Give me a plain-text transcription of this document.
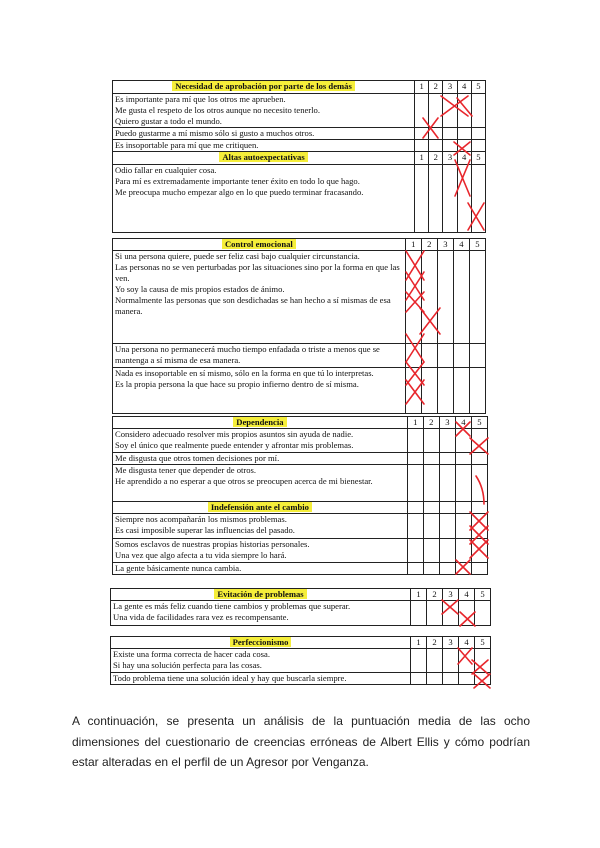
Necesidad de aprobación por parte de los demás	1	2	3	4	5

Es importante para mí que los otros me aprueben.
Me gusta el respeto de los otros aunque no necesito tenerlo.
Quiero gustar a todo el mundo.					

Puedo gustarme a mí mismo sólo si gusto a muchos otros.					

Es insoportable para mí que me critiquen.					

Altas autoexpectativas	1	2	3	4	5

Odio fallar en cualquier cosa.
Para mí es extremadamente importante tener éxito en todo lo que hago.
Me preocupa mucho empezar algo en lo que puedo terminar fracasando.					

Control emocional	1	2	3	4	5

Si una persona quiere, puede ser feliz casi bajo cualquier circunstancia.
Las personas no se ven perturbadas por las situaciones sino por la forma en que las ven.
Yo soy la causa de mis propios estados de ánimo.
Normalmente las personas que son desdichadas se han hecho a sí mismas de esa manera.					

Una persona no permanecerá mucho tiempo enfadada o triste a menos que se mantenga a sí misma de esa manera.					

Nada es insoportable en sí mismo, sólo en la forma en que tú lo interpretas.
Es la propia persona la que hace su propio infierno dentro de sí misma.					

Dependencia	1	2	3	4	5

Considero adecuado resolver mis propios asuntos sin ayuda de nadie.
Soy el único que realmente puede entender y afrontar mis problemas.					

Me disgusta que otros tomen decisiones por mí.					

Me disgusta tener que depender de otros.
He aprendido a no esperar a que otros se preocupen acerca de mi bienestar.					

Indefensión ante el cambio					

Siempre nos acompañarán los mismos problemas.
Es casi imposible superar las influencias del pasado.					

Somos esclavos de nuestras propias historias personales.
Una vez que algo afecta a tu vida siempre lo hará.					

La gente básicamente nunca cambia.					

Evitación de problemas	1	2	3	4	5

La gente es más feliz cuando tiene cambios y problemas que superar.
Una vida de facilidades rara vez es recompensante.					

Perfeccionismo	1	2	3	4	5

Existe una forma correcta de hacer cada cosa.
Si hay una solución perfecta para las cosas.					

Todo problema tiene una solución ideal y hay que buscarla siempre.					

A continuación, se presenta un análisis de la puntuación media de las ocho dimensiones del cuestionario de creencias erróneas de Albert Ellis y cómo podrían estar alteradas en el perfil de un Agresor por Venganza.
